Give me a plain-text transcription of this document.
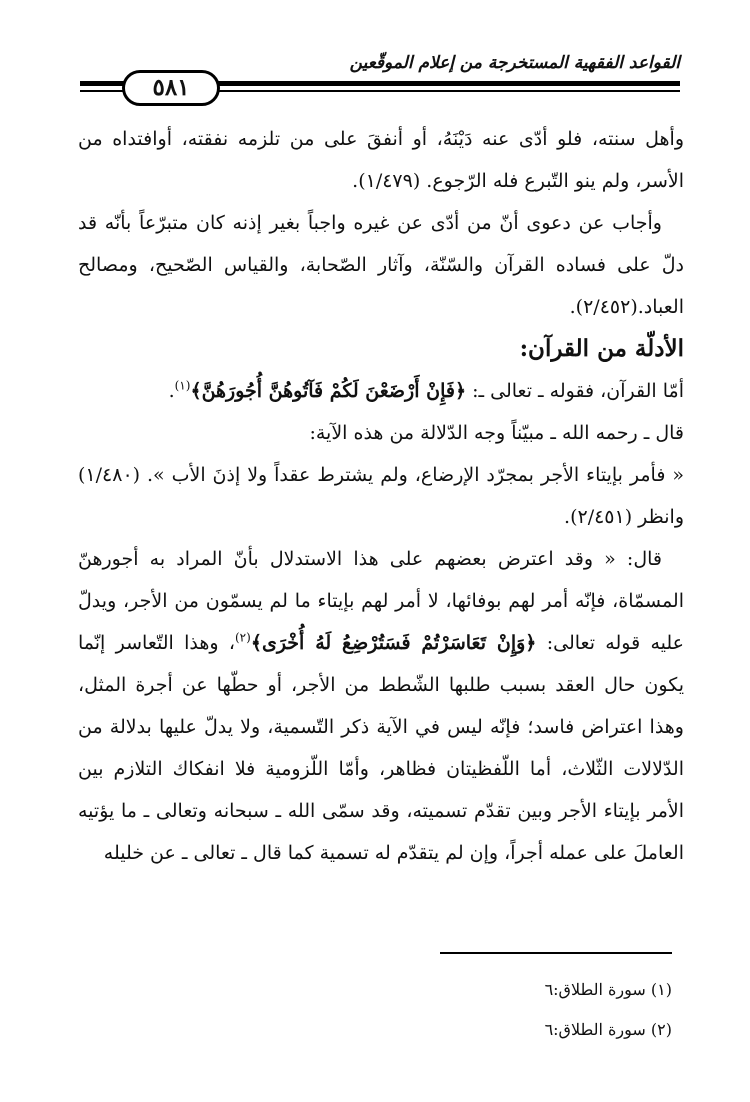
القواعد الفقهية المستخرجة من إعلام الموقّعين
٥٨١

وأهل سنته، فلو أدّى عنه دَيْنَهُ، أو أنفقَ على من تلزمه نفقته، أوافتداه من الأسر، ولم ينو التّبرع فله الرّجوع. (١/٤٧٩).

وأجاب عن دعوى أنّ من أدّى عن غيره واجباً بغير إذنه كان متبرّعاً بأنّه قد دلّ على فساده القرآن والسّنّة، وآثار الصّحابة، والقياس الصّحيح، ومصالح العباد.(٢/٤٥٢).

الأدلّة من القرآن:

أمّا القرآن، فقوله ـ تعالى ـ: ﴿فَإِنْ أَرْضَعْنَ لَكُمْ فَآتُوهُنَّ أُجُورَهُنَّ﴾$^{(١)}$.

قال ـ رحمه الله ـ مبيّناً وجه الدّلالة من هذه الآية:

« فأمر بإيتاء الأجر بمجرّد الإرضاع، ولم يشترط عقداً ولا إذنَ الأب ». (١/٤٨٠) وانظر (٢/٤٥١).

قال: « وقد اعترض بعضهم على هذا الاستدلال بأنّ المراد به أجورهنّ المسمّاة، فإنّه أمر لهم بوفائها، لا أمر لهم بإيتاء ما لم يسمّون من الأجر، ويدلّ عليه قوله تعالى: ﴿وَإِنْ تَعَاسَرْتُمْ فَسَتُرْضِعُ لَهُ أُخْرَى﴾$^{(٢)}$، وهذا التّعاسر إنّما يكون حال العقد بسبب طلبها الشّطط من الأجر، أو حطّها عن أجرة المثل، وهذا اعتراض فاسد؛ فإنّه ليس في الآية ذكر التّسمية، ولا يدلّ عليها بدلالة من الدّلالات الثّلاث، أما اللّفظيتان فظاهر، وأمّا اللّزومية فلا انفكاك التلازم بين الأمر بإيتاء الأجر وبين تقدّم تسميته، وقد سمّى الله ـ سبحانه وتعالى ـ ما يؤتيه العاملَ على عمله أجراً، وإن لم يتقدّم له تسمية كما قال ـ تعالى ـ عن خليله

(١) سورة الطلاق:٦

(٢) سورة الطلاق:٦
